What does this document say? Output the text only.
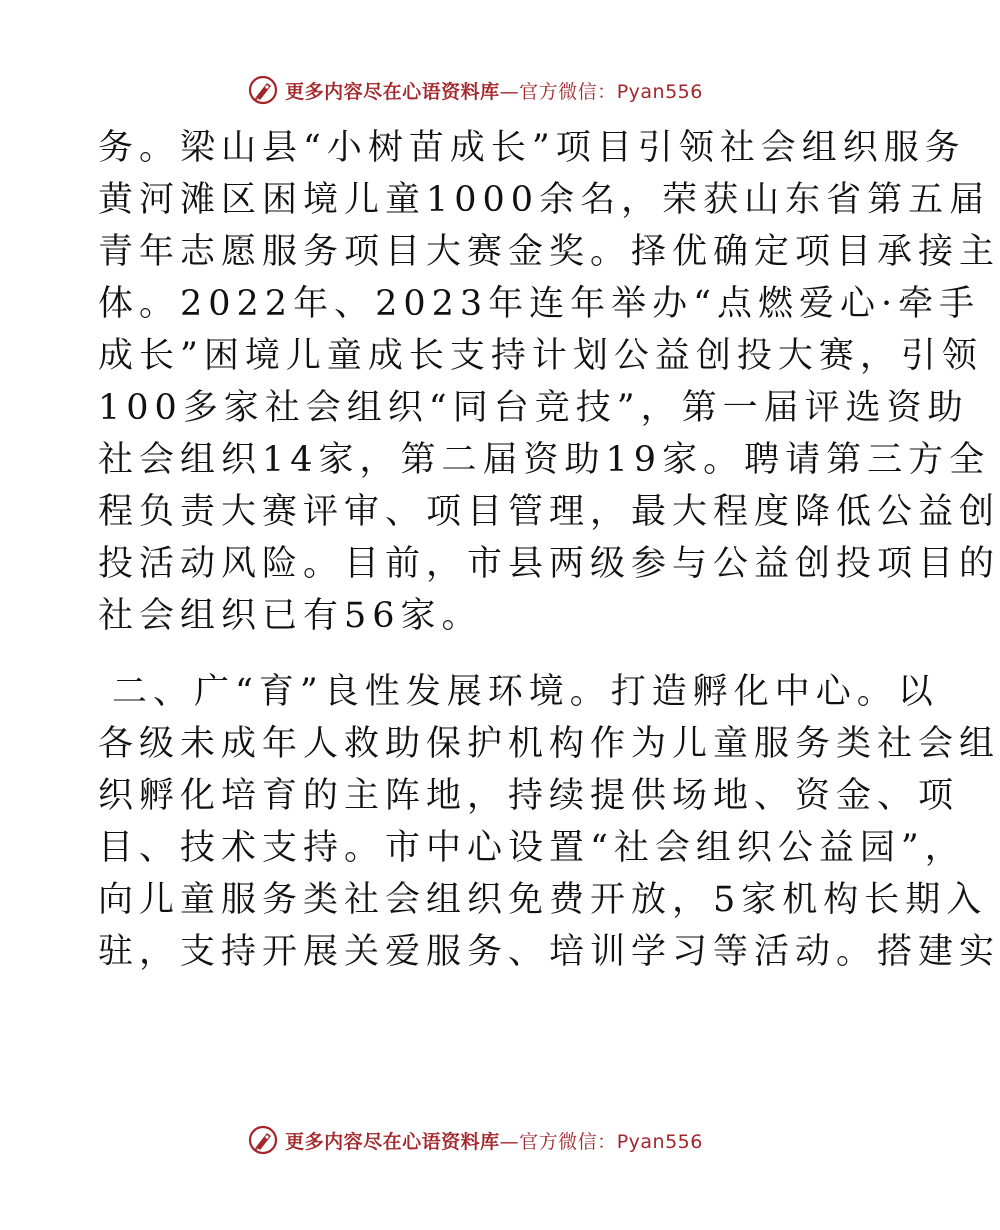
更多内容尽在心语资料库—官方微信：Pyan556
务。梁山县“小树苗成长”项目引领社会组织服务
黄河滩区困境儿童1000余名，荣获山东省第五届
青年志愿服务项目大赛金奖。择优确定项目承接主
体。2022年、2023年连年举办“点燃爱心·牵手
成长”困境儿童成长支持计划公益创投大赛，引领
100多家社会组织“同台竞技”，第一届评选资助
社会组织14家，第二届资助19家。聘请第三方全
程负责大赛评审、项目管理，最大程度降低公益创
投活动风险。目前，市县两级参与公益创投项目的
社会组织已有56家。
二、广“育”良性发展环境。打造孵化中心。以
各级未成年人救助保护机构作为儿童服务类社会组
织孵化培育的主阵地，持续提供场地、资金、项
目、技术支持。市中心设置“社会组织公益园”，
向儿童服务类社会组织免费开放，5家机构长期入
驻，支持开展关爱服务、培训学习等活动。搭建实
更多内容尽在心语资料库—官方微信：Pyan556
